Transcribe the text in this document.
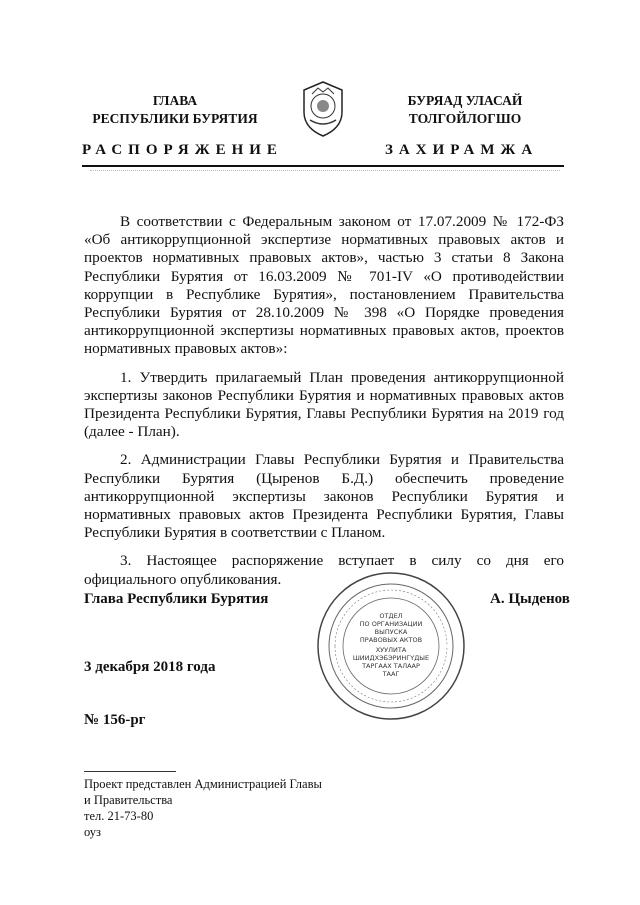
ГЛАВА
РЕСПУБЛИКИ БУРЯТИЯ
БУРЯАД УЛАСАЙ
ТОЛГОЙЛОГШО
РАСПОРЯЖЕНИЕ	ЗАХИРАМЖА

В соответствии с Федеральным законом от 17.07.2009 № 172-ФЗ «Об антикоррупционной экспертизе нормативных правовых актов и проектов нормативных правовых актов», частью 3 статьи 8 Закона Республики Бурятия от 16.03.2009 № 701-IV «О противодействии коррупции в Республике Бурятия», постановлением Правительства Республики Бурятия от 28.10.2009 № 398 «О Порядке проведения антикоррупционной экспертизы нормативных правовых актов, проектов нормативных правовых актов»:

1. Утвердить прилагаемый План проведения антикоррупционной экспертизы законов Республики Бурятия и нормативных правовых актов Президента Республики Бурятия, Главы Республики Бурятия на 2019 год (далее - План).

2. Администрации Главы Республики Бурятия и Правительства Республики Бурятия (Цыренов Б.Д.) обеспечить проведение антикоррупционной экспертизы законов Республики Бурятия и нормативных правовых актов Президента Республики Бурятия, Главы Республики Бурятия в соответствии с Планом.

3. Настоящее распоряжение вступает в силу со дня его официального опубликования.

Глава Республики Бурятия	А. Цыденов
ОТДЕЛ
ПО ОРГАНИЗАЦИИ
ВЫПУСКА
ПРАВОВЫХ АКТОВ
ХУУЛИТА
ШИИДХЭБЭРИНГҮДЫЕ
ТАРГААХ ТАЛААР
ТААГ
3 декабря 2018 года
№ 156-рг
Проект представлен Администрацией Главы
и Правительства
тел. 21-73-80
оуз
